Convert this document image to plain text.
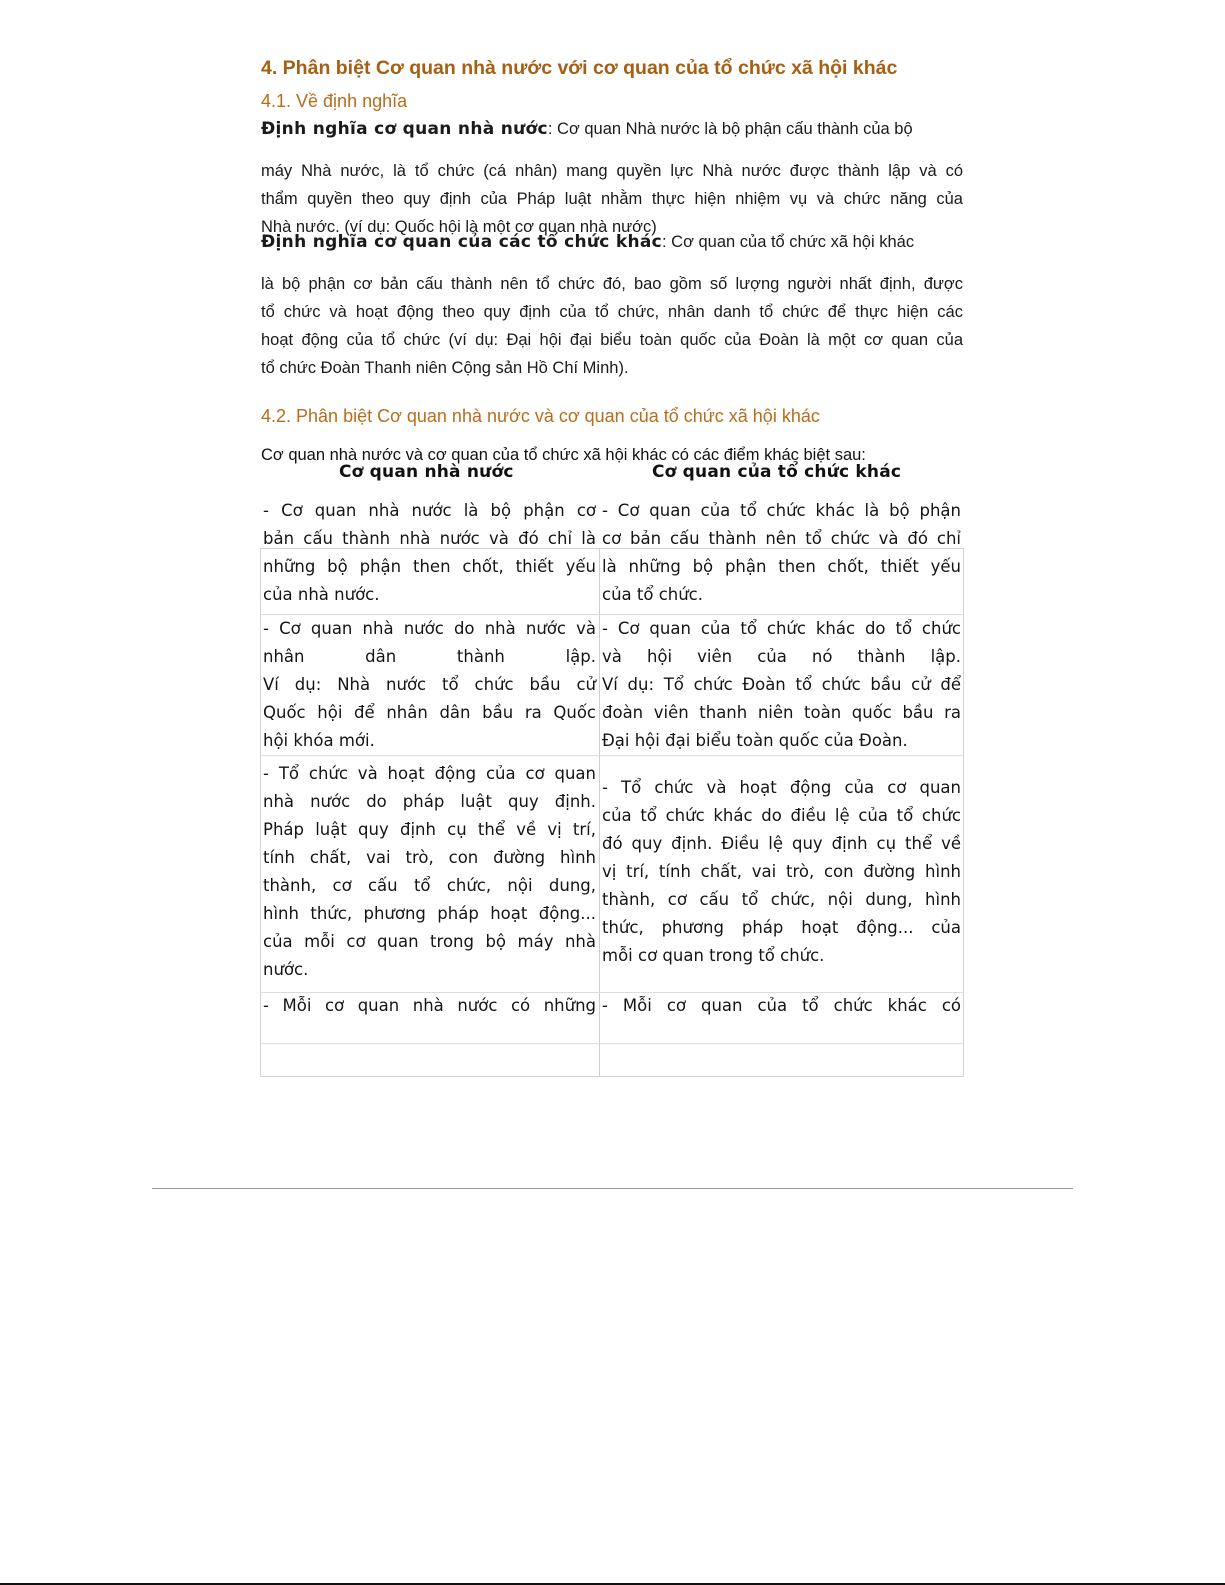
4. Phân biệt Cơ quan nhà nước với cơ quan của tổ chức xã hội khác
4.1. Về định nghĩa
Định nghĩa cơ quan nhà nước: Cơ quan Nhà nước là bộ phận cấu thành của bộ
máy Nhà nước, là tổ chức (cá nhân) mang quyền lực Nhà nước được thành lập và có
thẩm quyền theo quy định của Pháp luật nhằm thực hiện nhiệm vụ và chức năng của
Nhà nước. (ví dụ: Quốc hội là một cơ quan nhà nước)
Định nghĩa cơ quan của các tổ chức khác: Cơ quan của tổ chức xã hội khác
là bộ phận cơ bản cấu thành nên tổ chức đó, bao gồm số lượng người nhất định, được
tổ chức và hoạt động theo quy định của tổ chức, nhân danh tổ chức để thực hiện các
hoạt động của tổ chức (ví dụ: Đại hội đại biểu toàn quốc của Đoàn là một cơ quan của
tổ chức Đoàn Thanh niên Cộng sản Hồ Chí Minh).
4.2. Phân biệt Cơ quan nhà nước và cơ quan của tổ chức xã hội khác
Cơ quan nhà nước và cơ quan của tổ chức xã hội khác có các điểm khác biệt sau:
Cơ quan nhà nước	Cơ quan của tổ chức khác
- Cơ quan nhà nước là bộ phận cơ
bản cấu thành nhà nước và đó chỉ là
những bộ phận then chốt, thiết yếu
của nhà nước.
- Cơ quan nhà nước do nhà nước và
nhân dân thành lập.
Ví dụ: Nhà nước tổ chức bầu cử
Quốc hội để nhân dân bầu ra Quốc
hội khóa mới.
- Tổ chức và hoạt động của cơ quan
nhà nước do pháp luật quy định.
Pháp luật quy định cụ thể về vị trí,
tính chất, vai trò, con đường hình
thành, cơ cấu tổ chức, nội dung,
hình thức, phương pháp hoạt động...
của mỗi cơ quan trong bộ máy nhà
nước.
- Mỗi cơ quan nhà nước có những
- Cơ quan của tổ chức khác là bộ phận
cơ bản cấu thành nên tổ chức và đó chỉ
là những bộ phận then chốt, thiết yếu
của tổ chức.
- Cơ quan của tổ chức khác do tổ chức
và hội viên của nó thành lập.
Ví dụ: Tổ chức Đoàn tổ chức bầu cử để
đoàn viên thanh niên toàn quốc bầu ra
Đại hội đại biểu toàn quốc của Đoàn.
- Tổ chức và hoạt động của cơ quan
của tổ chức khác do điều lệ của tổ chức
đó quy định. Điều lệ quy định cụ thể về
vị trí, tính chất, vai trò, con đường hình
thành, cơ cấu tổ chức, nội dung, hình
thức, phương pháp hoạt động... của
mỗi cơ quan trong tổ chức.
- Mỗi cơ quan của tổ chức khác có
